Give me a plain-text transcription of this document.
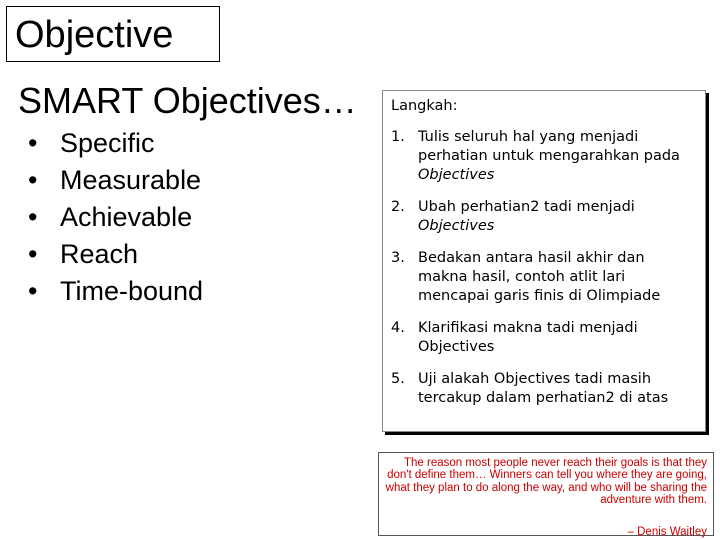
Objective
SMART Objectives…
• Specific
• Measurable
• Achievable
• Reach
• Time-bound
Langkah:
1. Tulis seluruh hal yang menjadi perhatian untuk mengarahkan pada Objectives
2. Ubah perhatian2 tadi menjadi
Objectives
3. Bedakan antara hasil akhir dan makna hasil, contoh atlit lari mencapai garis finis di Olimpiade
4. Klarifikasi makna tadi menjadi Objectives
5. Uji alakah Objectives tadi masih tercakup dalam perhatian2 di atas
The reason most people never reach their goals is that they don't define them… Winners can tell you where they are going, what they plan to do along the way, and who will be sharing the adventure with them.
– Denis Waitley
